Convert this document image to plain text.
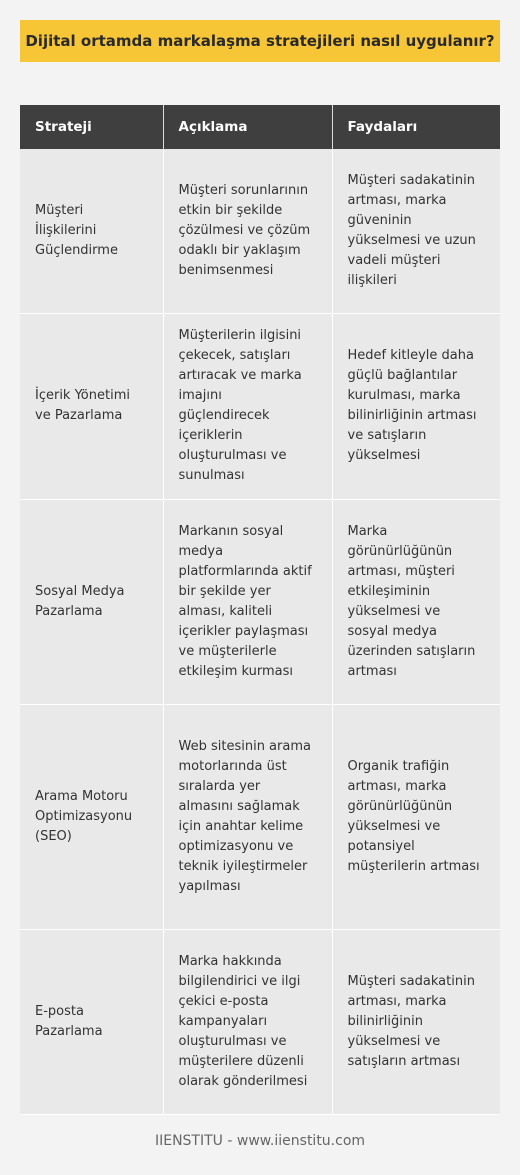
Dijital ortamda markalaşma stratejileri nasıl uygulanır?
Strateji	Açıklama	Faydaları
Müşteri İlişkilerini Güçlendirme	Müşteri sorunlarının etkin bir şekilde çözülmesi ve çözüm odaklı bir yaklaşım benimsenmesi	Müşteri sadakatinin artması, marka güveninin yükselmesi ve uzun vadeli müşteri ilişkileri
İçerik Yönetimi ve Pazarlama	Müşterilerin ilgisini çekecek, satışları artıracak ve marka imajını güçlendirecek içeriklerin oluşturulması ve sunulması	Hedef kitleyle daha güçlü bağlantılar kurulması, marka bilinirliğinin artması ve satışların yükselmesi
Sosyal Medya Pazarlama	Markanın sosyal medya platformlarında aktif bir şekilde yer alması, kaliteli içerikler paylaşması ve müşterilerle etkileşim kurması	Marka görünürlüğünün artması, müşteri etkileşiminin yükselmesi ve sosyal medya üzerinden satışların artması
Arama Motoru Optimizasyonu (SEO)	Web sitesinin arama motorlarında üst sıralarda yer almasını sağlamak için anahtar kelime optimizasyonu ve teknik iyileştirmeler yapılması	Organik trafiğin artması, marka görünürlüğünün yükselmesi ve potansiyel müşterilerin artması
E-posta Pazarlama	Marka hakkında bilgilendirici ve ilgi çekici e-posta kampanyaları oluşturulması ve müşterilere düzenli olarak gönderilmesi	Müşteri sadakatinin artması, marka bilinirliğinin yükselmesi ve satışların artması
IIENSTITU - www.iienstitu.com
